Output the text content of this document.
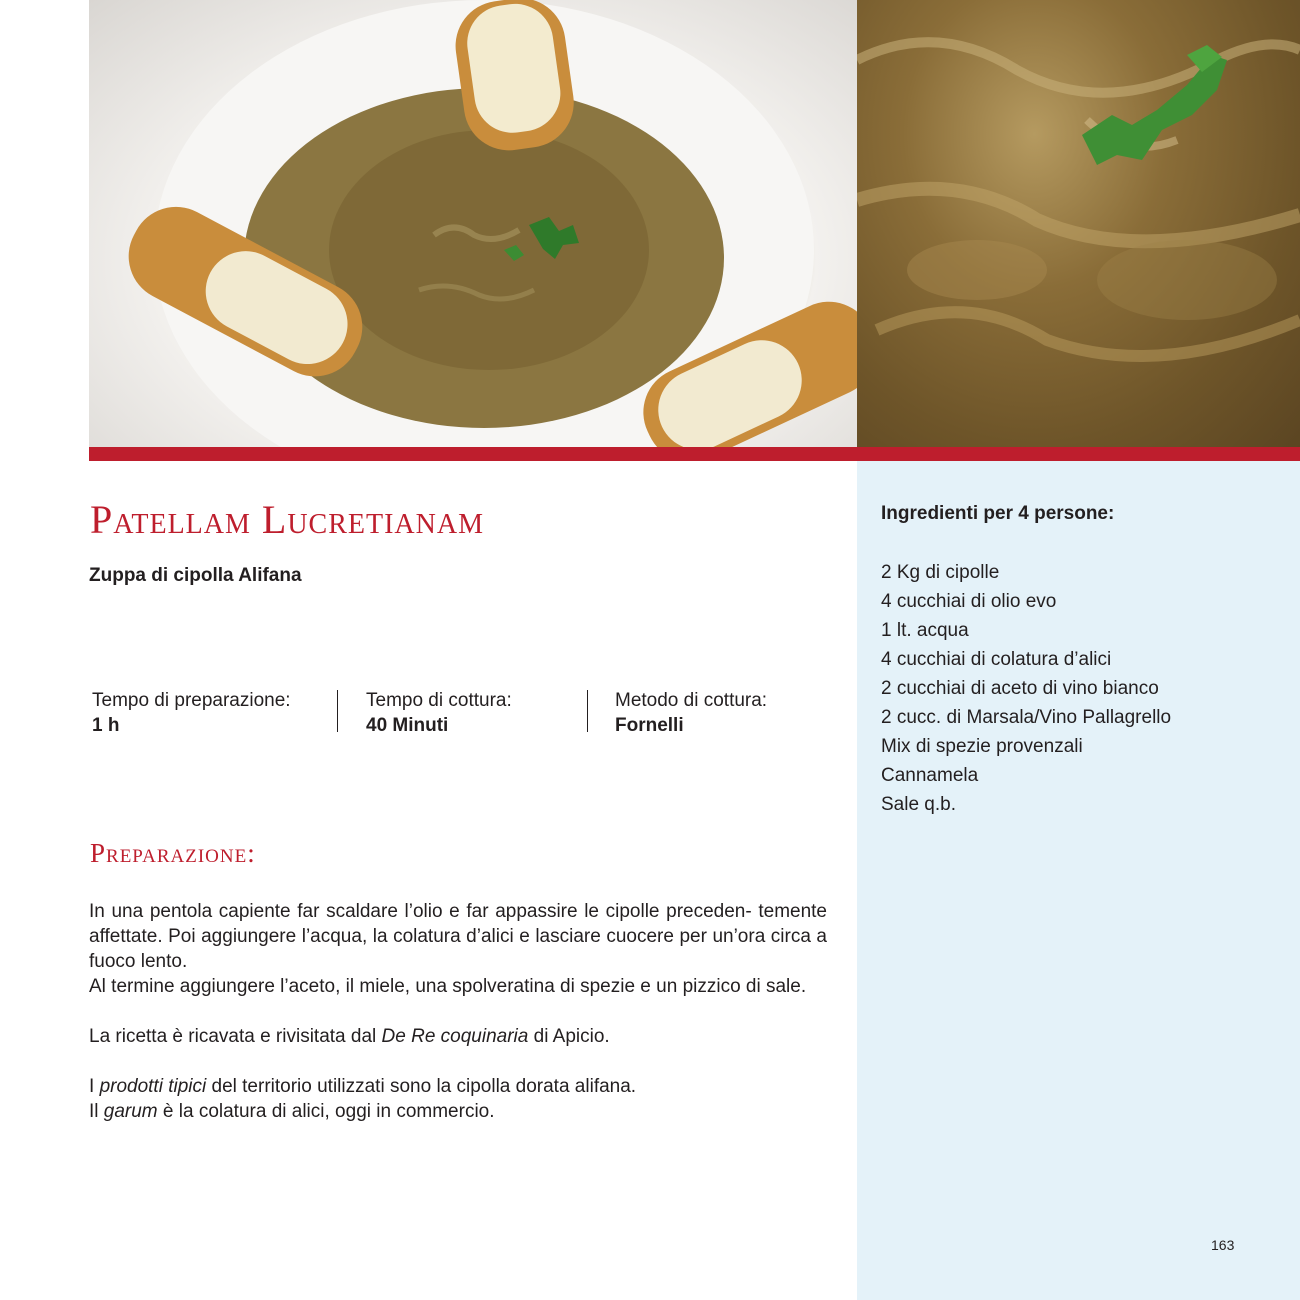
Patellam Lucretianam

Zuppa di cipolla Alifana

Tempo di preparazione:
1 h
Tempo di cottura:
40 Minuti
Metodo di cottura:
Fornelli
Preparazione:

In una pentola capiente far scaldare l’olio e far appassire le cipolle preceden- temente affettate. Poi aggiungere l’acqua, la colatura d’alici e lasciare cuocere per un’ora circa a fuoco lento.
Al termine aggiungere l’aceto, il miele, una spolveratina di spezie e un pizzico di sale.

La ricetta è ricavata e rivisitata dal De Re coquinaria di Apicio.

I prodotti tipici del territorio utilizzati sono la cipolla dorata alifana.

Il garum è la colatura di alici, oggi in commercio.

Ingredienti per 4 persone:
2 Kg di cipolle
4 cucchiai di olio evo
1 lt. acqua
4 cucchiai di colatura d’alici
2 cucchiai di aceto di vino bianco
2 cucc. di Marsala/Vino Pallagrello
Mix di spezie provenzali
Cannamela
Sale q.b.
163
